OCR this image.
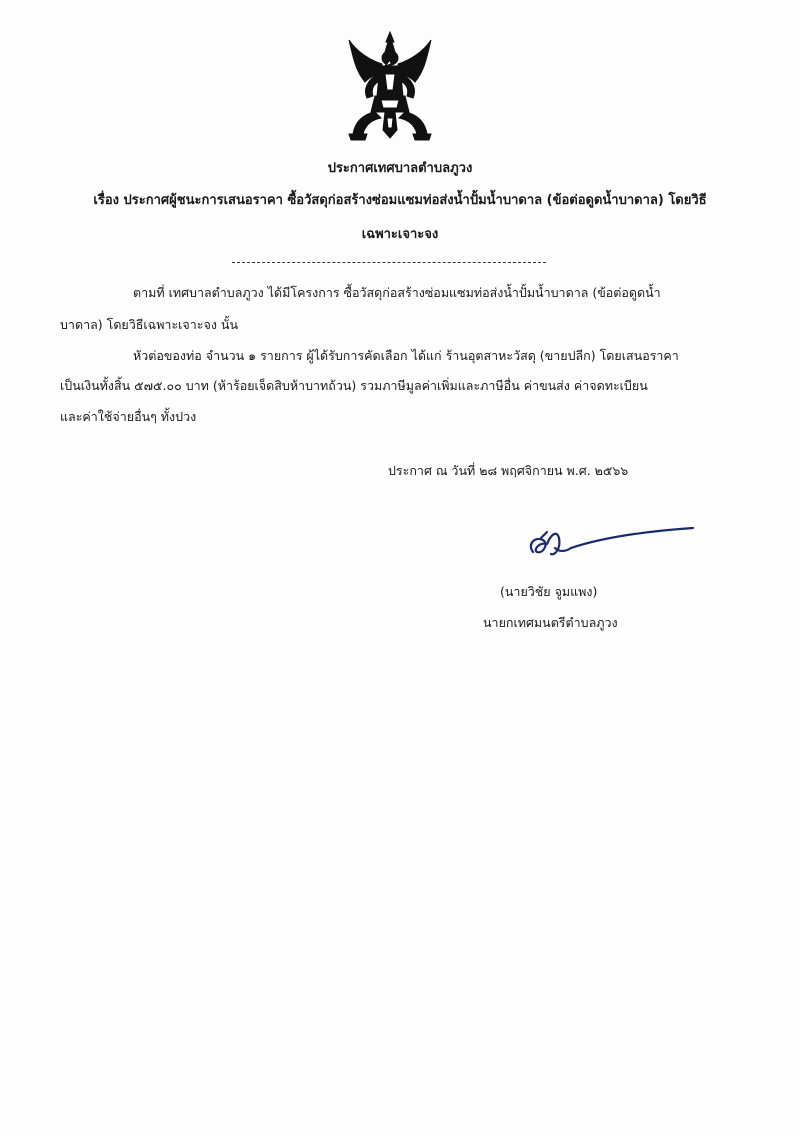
ประกาศเทศบาลตำบลภูวง
เรื่อง ประกาศผู้ชนะการเสนอราคา ซื้อวัสดุก่อสร้างซ่อมแซมท่อส่งน้ำปั้มน้ำบาดาล (ข้อต่อดูดน้ำบาดาล) โดยวิธี
เฉพาะเจาะจง
ตามที่ เทศบาลตำบลภูวง ได้มีโครงการ ซื้อวัสดุก่อสร้างซ่อมแซมท่อส่งน้ำปั้มน้ำบาดาล (ข้อต่อดูดน้ำ
บาดาล) โดยวิธีเฉพาะเจาะจง นั้น
หัวต่อของท่อ จำนวน ๑ รายการ ผู้ได้รับการคัดเลือก ได้แก่ ร้านอุตสาหะวัสดุ (ขายปลีก) โดยเสนอราคา
เป็นเงินทั้งสิ้น ๕๗๕.๐๐ บาท (ห้าร้อยเจ็ดสิบห้าบาทถ้วน) รวมภาษีมูลค่าเพิ่มและภาษีอื่น ค่าขนส่ง ค่าจดทะเบียน
และค่าใช้จ่ายอื่นๆ ทั้งปวง
ประกาศ ณ วันที่ ๒๘ พฤศจิกายน พ.ศ. ๒๕๖๖
(นายวิชัย จูมแพง)
นายกเทศมนตรีตำบลภูวง
